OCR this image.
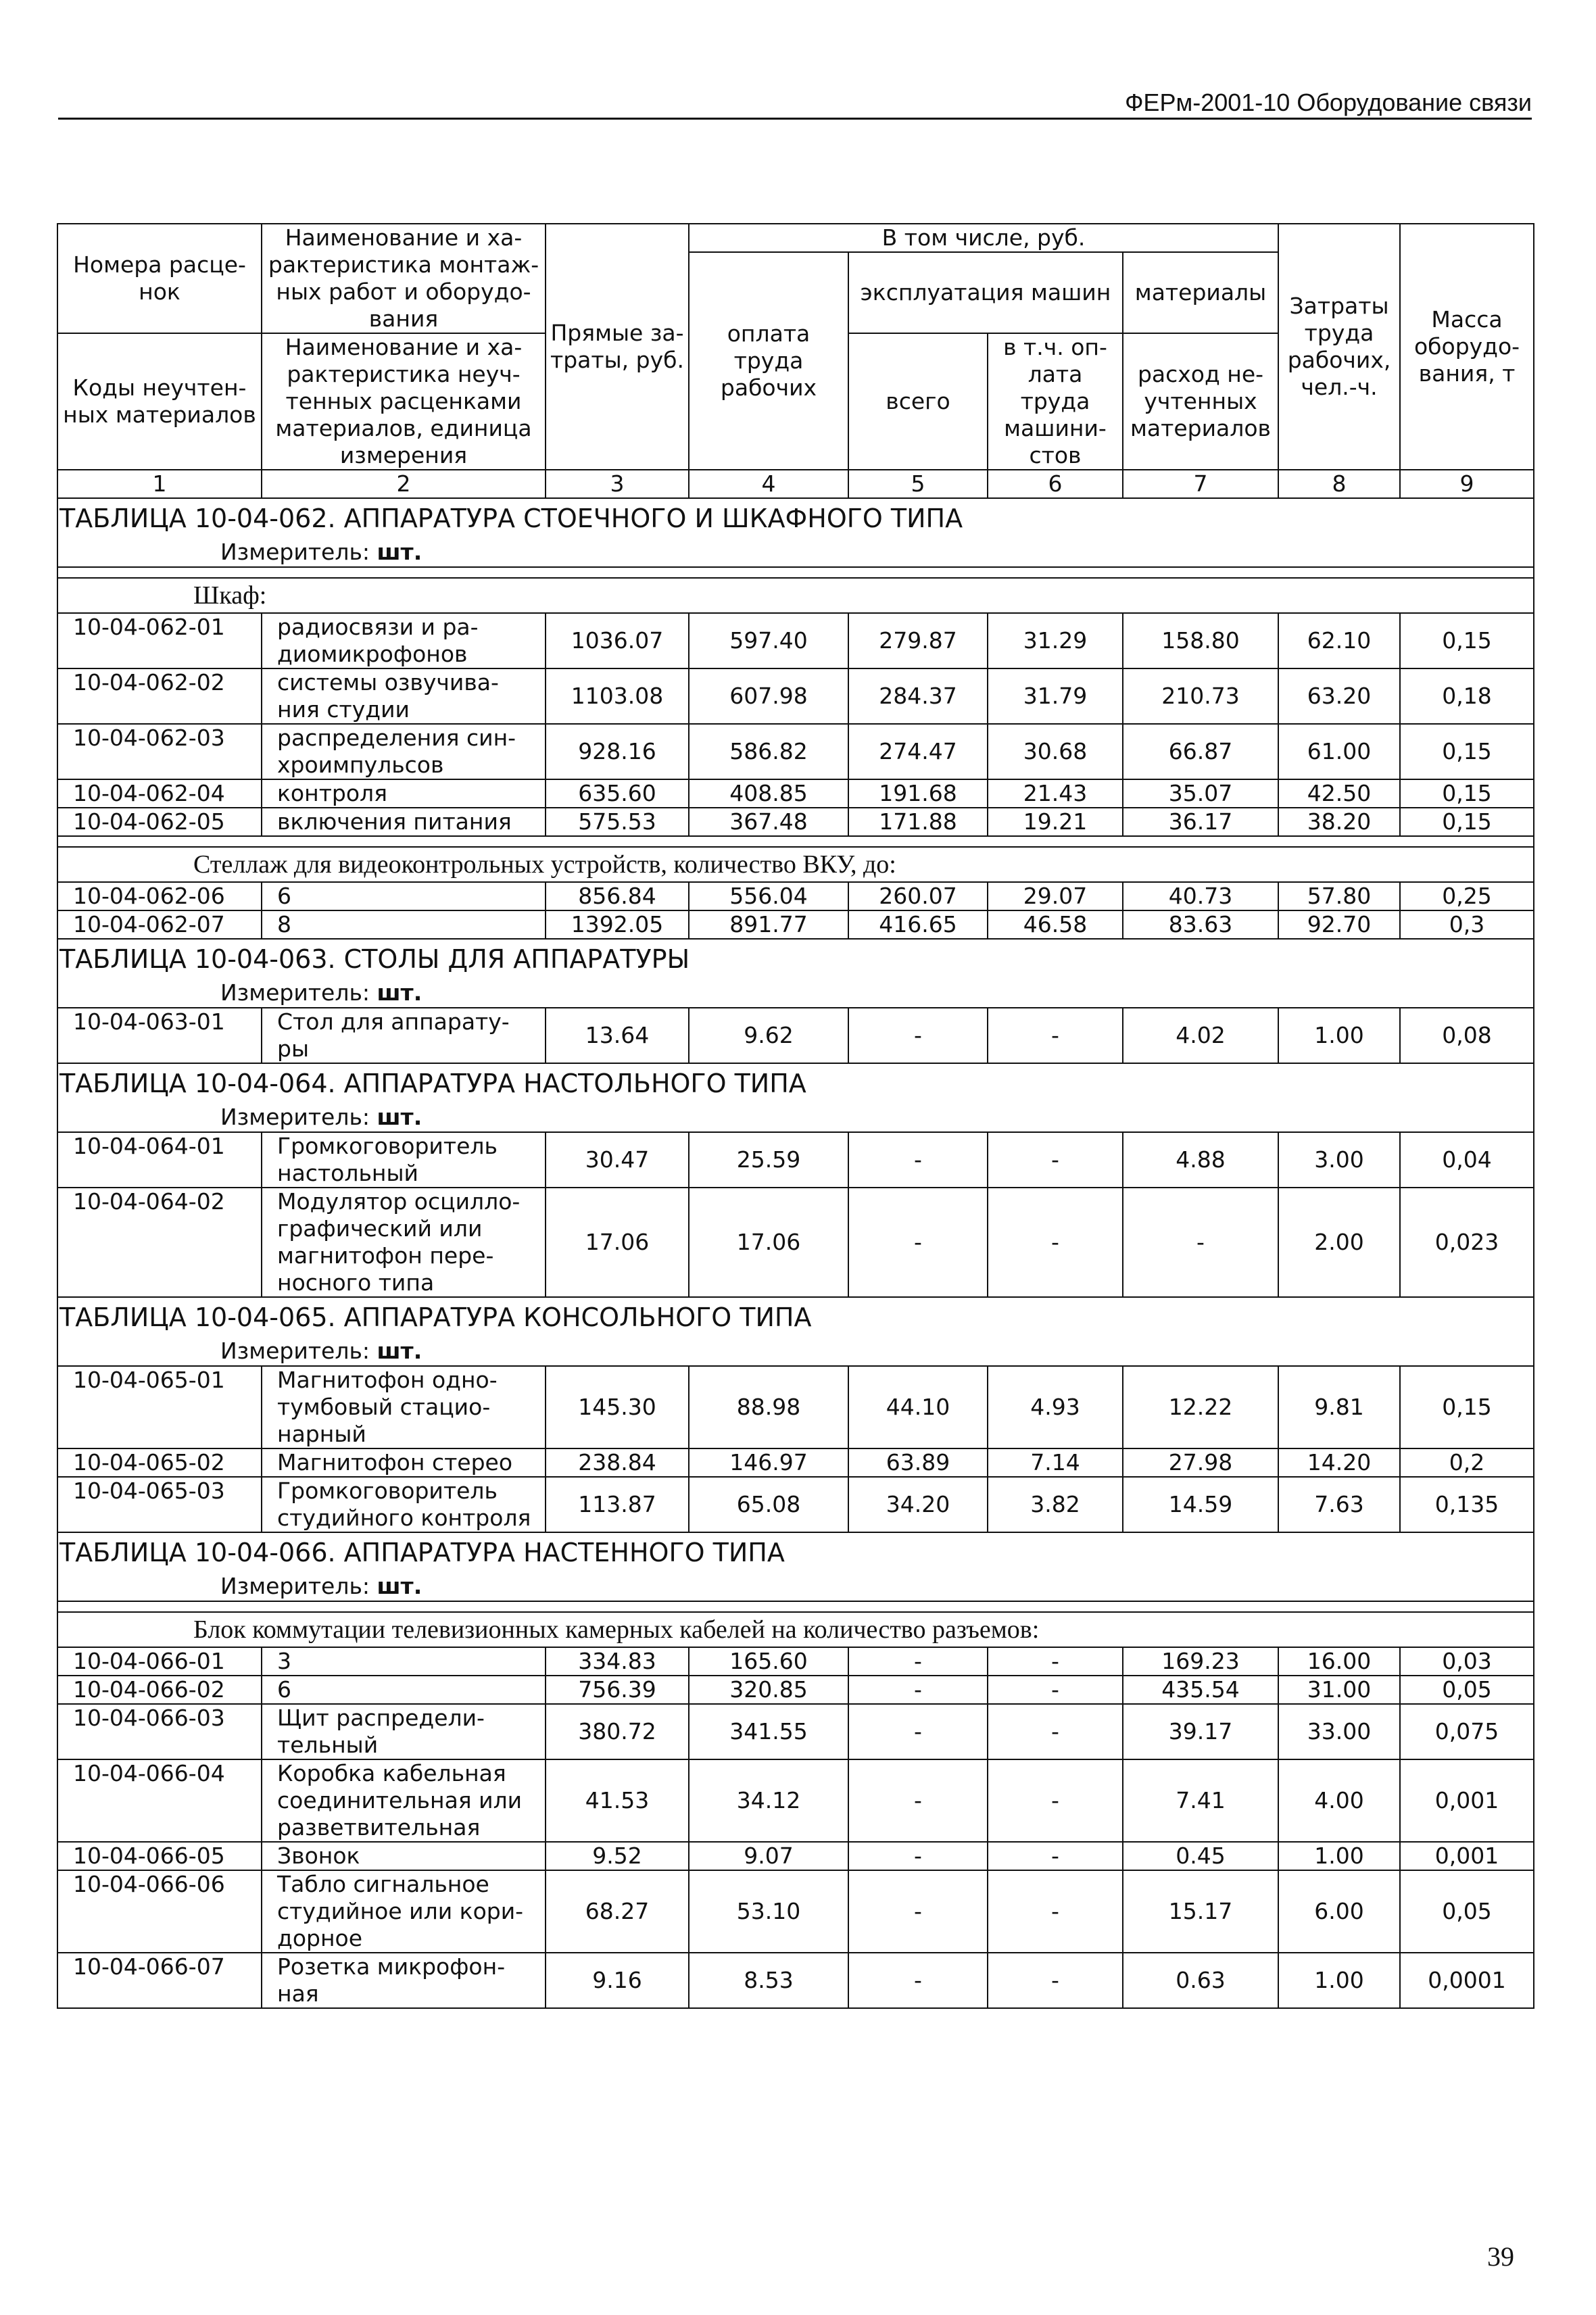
ФЕРм-2001-10 Оборудование связи
Номера расце-нок	Наименование и ха-рактеристика монтаж-ных работ и оборудо-вания	Прямые за-траты, руб.	В том числе, руб.				Затраты труда рабочих, чел.-ч.	Масса оборудо-вания, т
			оплата труда рабочих	эксплуатация машин		материалы		
Коды неучтен-ных материалов	Наименование и ха-рактеристика неуч-тенных расценками материалов, единица измерения			всего	в т.ч. оп-лата труда машини-стов	расход не-учтенных материалов		

1	2	3	4	5	6	7	8	9
ТАБЛИЦА 10-04-062. АППАРАТУРА СТОЕЧНОГО И ШКАФНОГО ТИПА								
Измеритель: шт.								

Шкаф:								
10-04-062-01	радиосвязи и ра-диомикрофонов	1036.07	597.40	279.87	31.29	158.80	62.10	0,15
10-04-062-02	системы озвучива-ния студии	1103.08	607.98	284.37	31.79	210.73	63.20	0,18
10-04-062-03	распределения син-хроимпульсов	928.16	586.82	274.47	30.68	66.87	61.00	0,15
10-04-062-04	контроля	635.60	408.85	191.68	21.43	35.07	42.50	0,15
10-04-062-05	включения питания	575.53	367.48	171.88	19.21	36.17	38.20	0,15

Стеллаж для видеоконтрольных устройств, количество ВКУ, до:								
10-04-062-06	6	856.84	556.04	260.07	29.07	40.73	57.80	0,25
10-04-062-07	8	1392.05	891.77	416.65	46.58	83.63	92.70	0,3
ТАБЛИЦА 10-04-063. СТОЛЫ ДЛЯ АППАРАТУРЫ								
Измеритель: шт.								
10-04-063-01	Стол для аппарату-ры	13.64	9.62	-	-	4.02	1.00	0,08
ТАБЛИЦА 10-04-064. АППАРАТУРА НАСТОЛЬНОГО ТИПА								
Измеритель: шт.								
10-04-064-01	Громкоговоритель настольный	30.47	25.59	-	-	4.88	3.00	0,04
10-04-064-02	Модулятор осцилло-графический или магнитофон пере-носного типа	17.06	17.06	-	-	-	2.00	0,023
ТАБЛИЦА 10-04-065. АППАРАТУРА КОНСОЛЬНОГО ТИПА								
Измеритель: шт.								
10-04-065-01	Магнитофон одно-тумбовый стацио-нарный	145.30	88.98	44.10	4.93	12.22	9.81	0,15
10-04-065-02	Магнитофон стерео	238.84	146.97	63.89	7.14	27.98	14.20	0,2
10-04-065-03	Громкоговоритель студийного контроля	113.87	65.08	34.20	3.82	14.59	7.63	0,135
ТАБЛИЦА 10-04-066. АППАРАТУРА НАСТЕННОГО ТИПА								
Измеритель: шт.								

Блок коммутации телевизионных камерных кабелей на количество разъемов:								
10-04-066-01	3	334.83	165.60	-	-	169.23	16.00	0,03
10-04-066-02	6	756.39	320.85	-	-	435.54	31.00	0,05
10-04-066-03	Щит распредели-тельный	380.72	341.55	-	-	39.17	33.00	0,075
10-04-066-04	Коробка кабельная соединительная или разветвительная	41.53	34.12	-	-	7.41	4.00	0,001
10-04-066-05	Звонок	9.52	9.07	-	-	0.45	1.00	0,001
10-04-066-06	Табло сигнальное студийное или кори-дорное	68.27	53.10	-	-	15.17	6.00	0,05
10-04-066-07	Розетка микрофон-ная	9.16	8.53	-	-	0.63	1.00	0,0001
39
